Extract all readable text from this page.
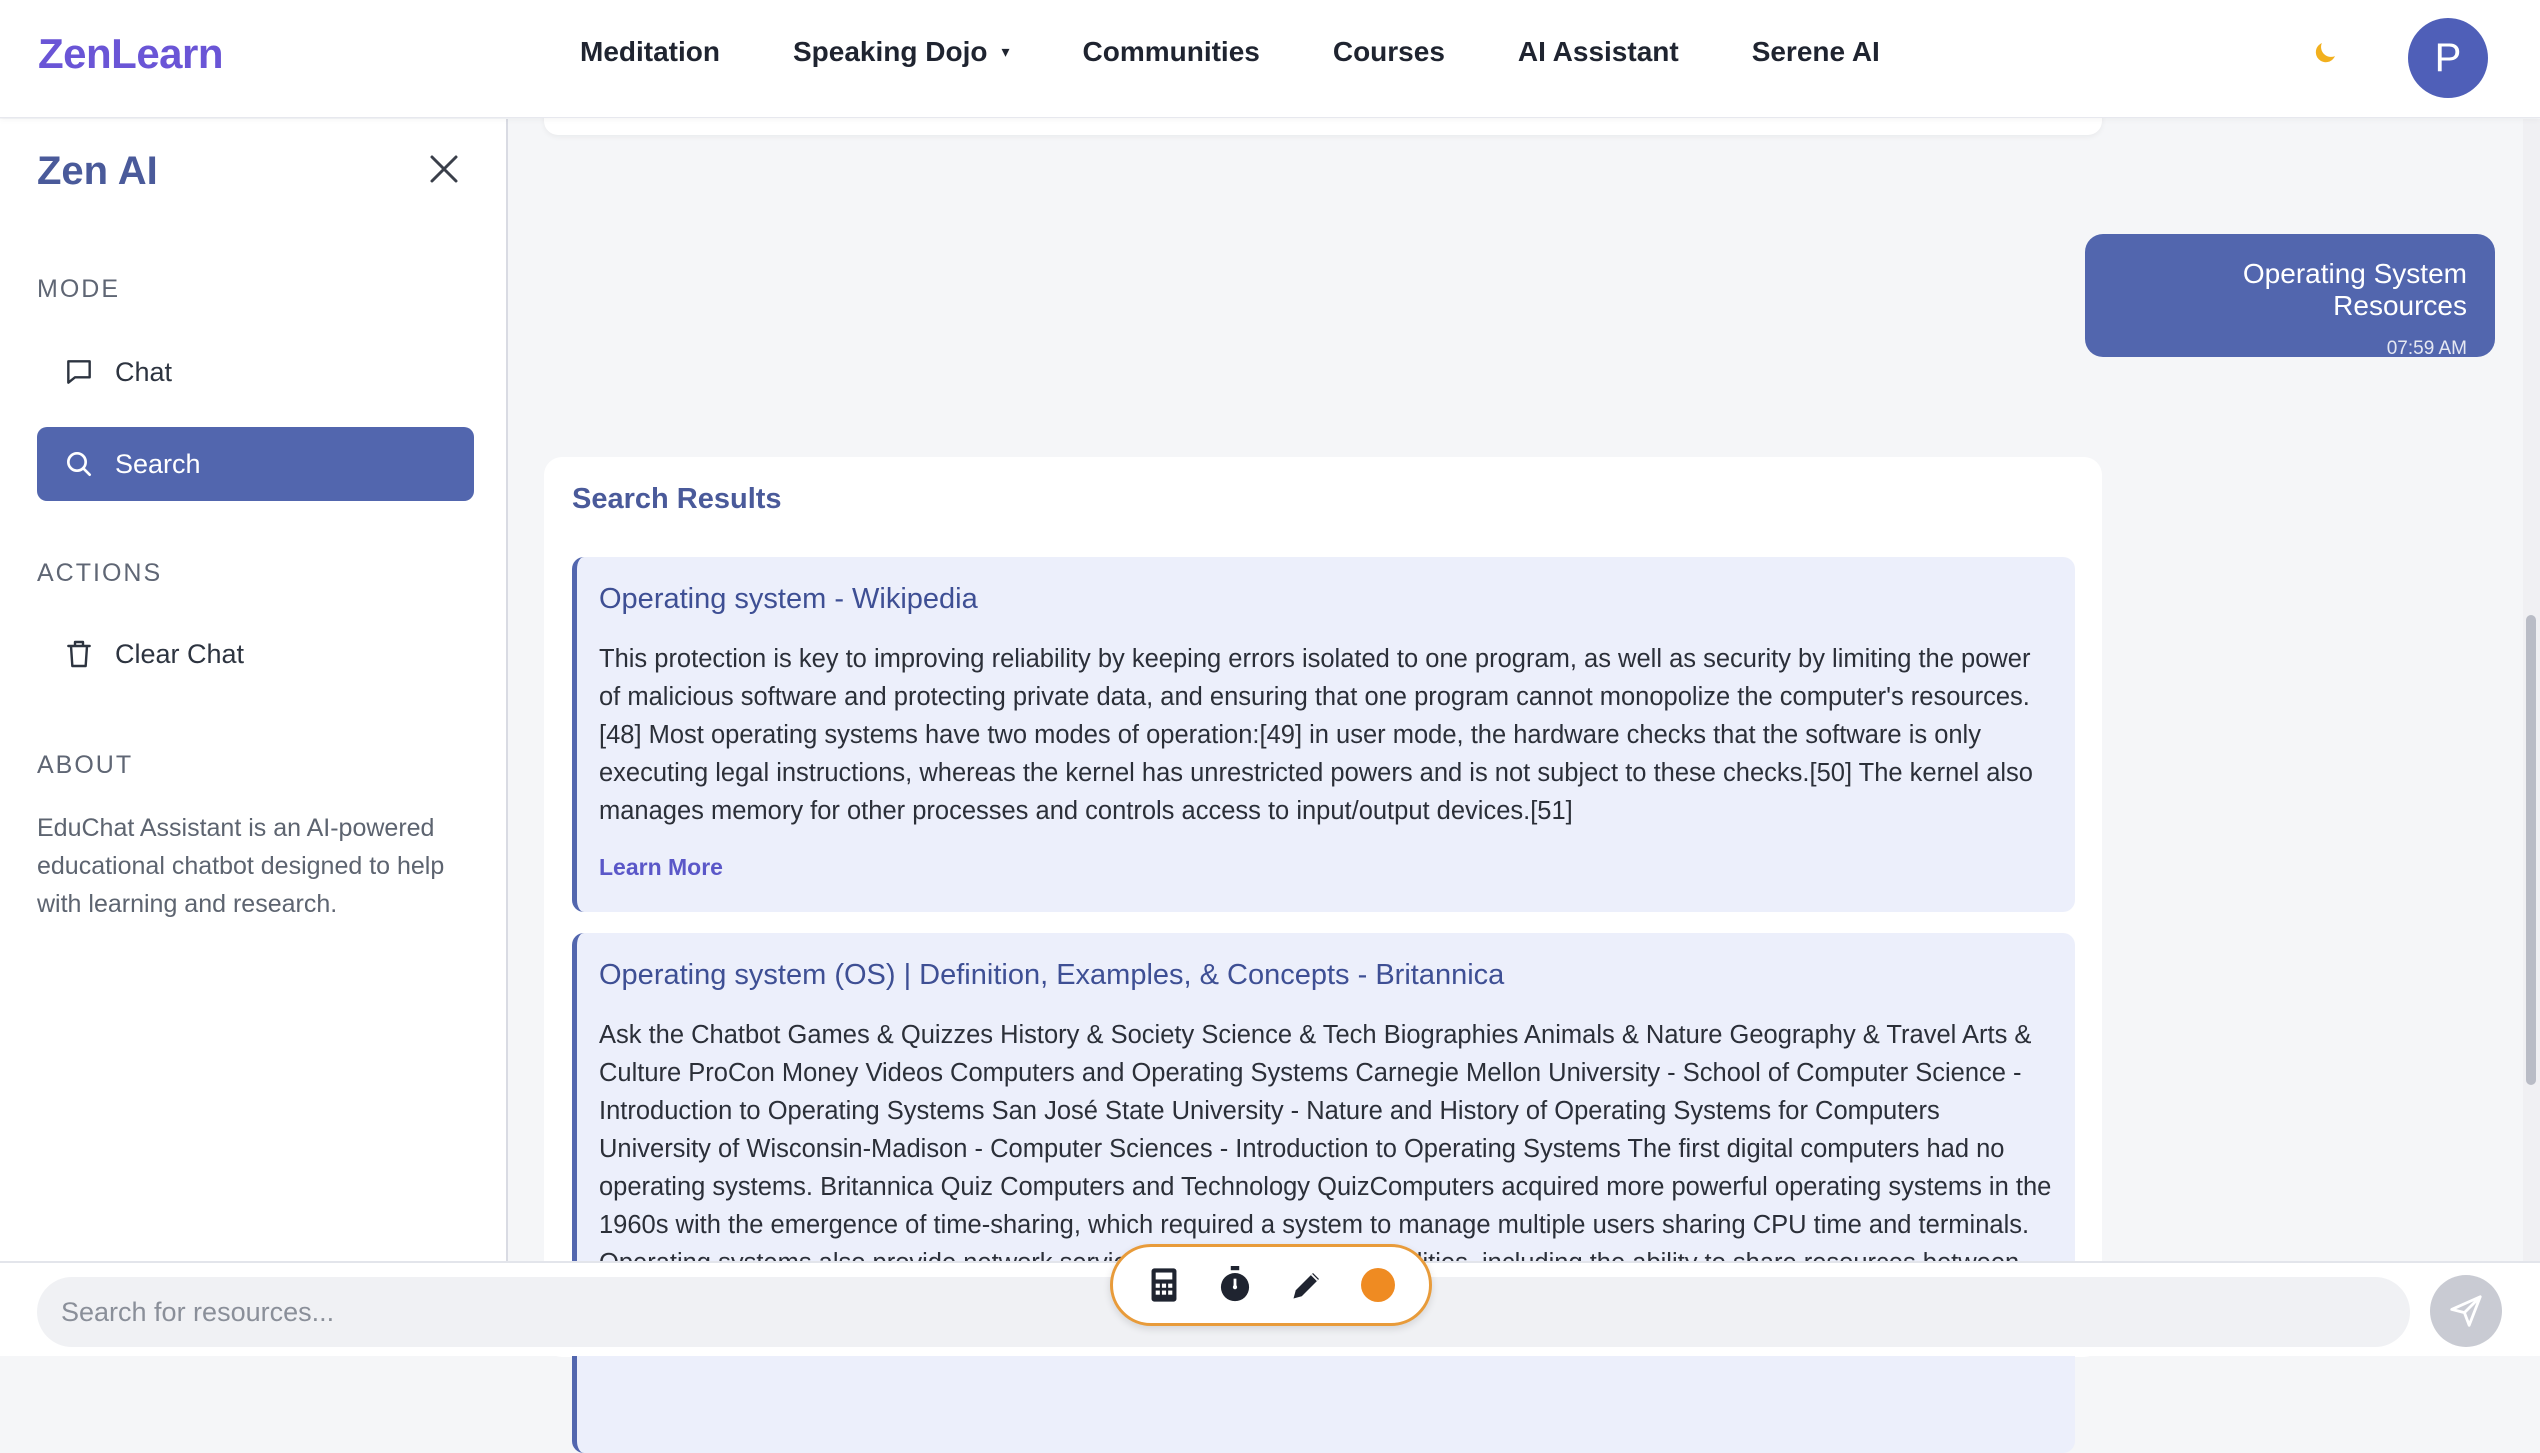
ZenLearn	Meditation	Speaking Dojo ▾	Communities	Courses	AI Assistant	Serene AI	P
Zen AI
MODE
Chat
Search
ACTIONS
Clear Chat
ABOUT
EduChat Assistant is an AI-powered educational chatbot designed to help with learning and research.
Operating System Resources
07:59 AM
Search Results
Operating system - Wikipedia
This protection is key to improving reliability by keeping errors isolated to one program, as well as security by limiting the power of malicious software and protecting private data, and ensuring that one program cannot monopolize the computer's resources.[48] Most operating systems have two modes of operation:[49] in user mode, the hardware checks that the software is only executing legal instructions, whereas the kernel has unrestricted powers and is not subject to these checks.[50] The kernel also manages memory for other processes and controls access to input/output devices.[51]
Learn More
Operating system (OS) | Definition, Examples, & Concepts - Britannica
Ask the Chatbot Games & Quizzes History & Society Science & Tech Biographies Animals & Nature Geography & Travel Arts & Culture ProCon Money Videos Computers and Operating Systems Carnegie Mellon University - School of Computer Science - Introduction to Operating Systems San José State University - Nature and History of Operating Systems for Computers University of Wisconsin-Madison - Computer Sciences - Introduction to Operating Systems The first digital computers had no operating systems. Britannica Quiz Computers and Technology QuizComputers acquired more powerful operating systems in the 1960s with the emergence of time-sharing, which required a system to manage multiple users sharing CPU time and terminals.
Search for resources...
